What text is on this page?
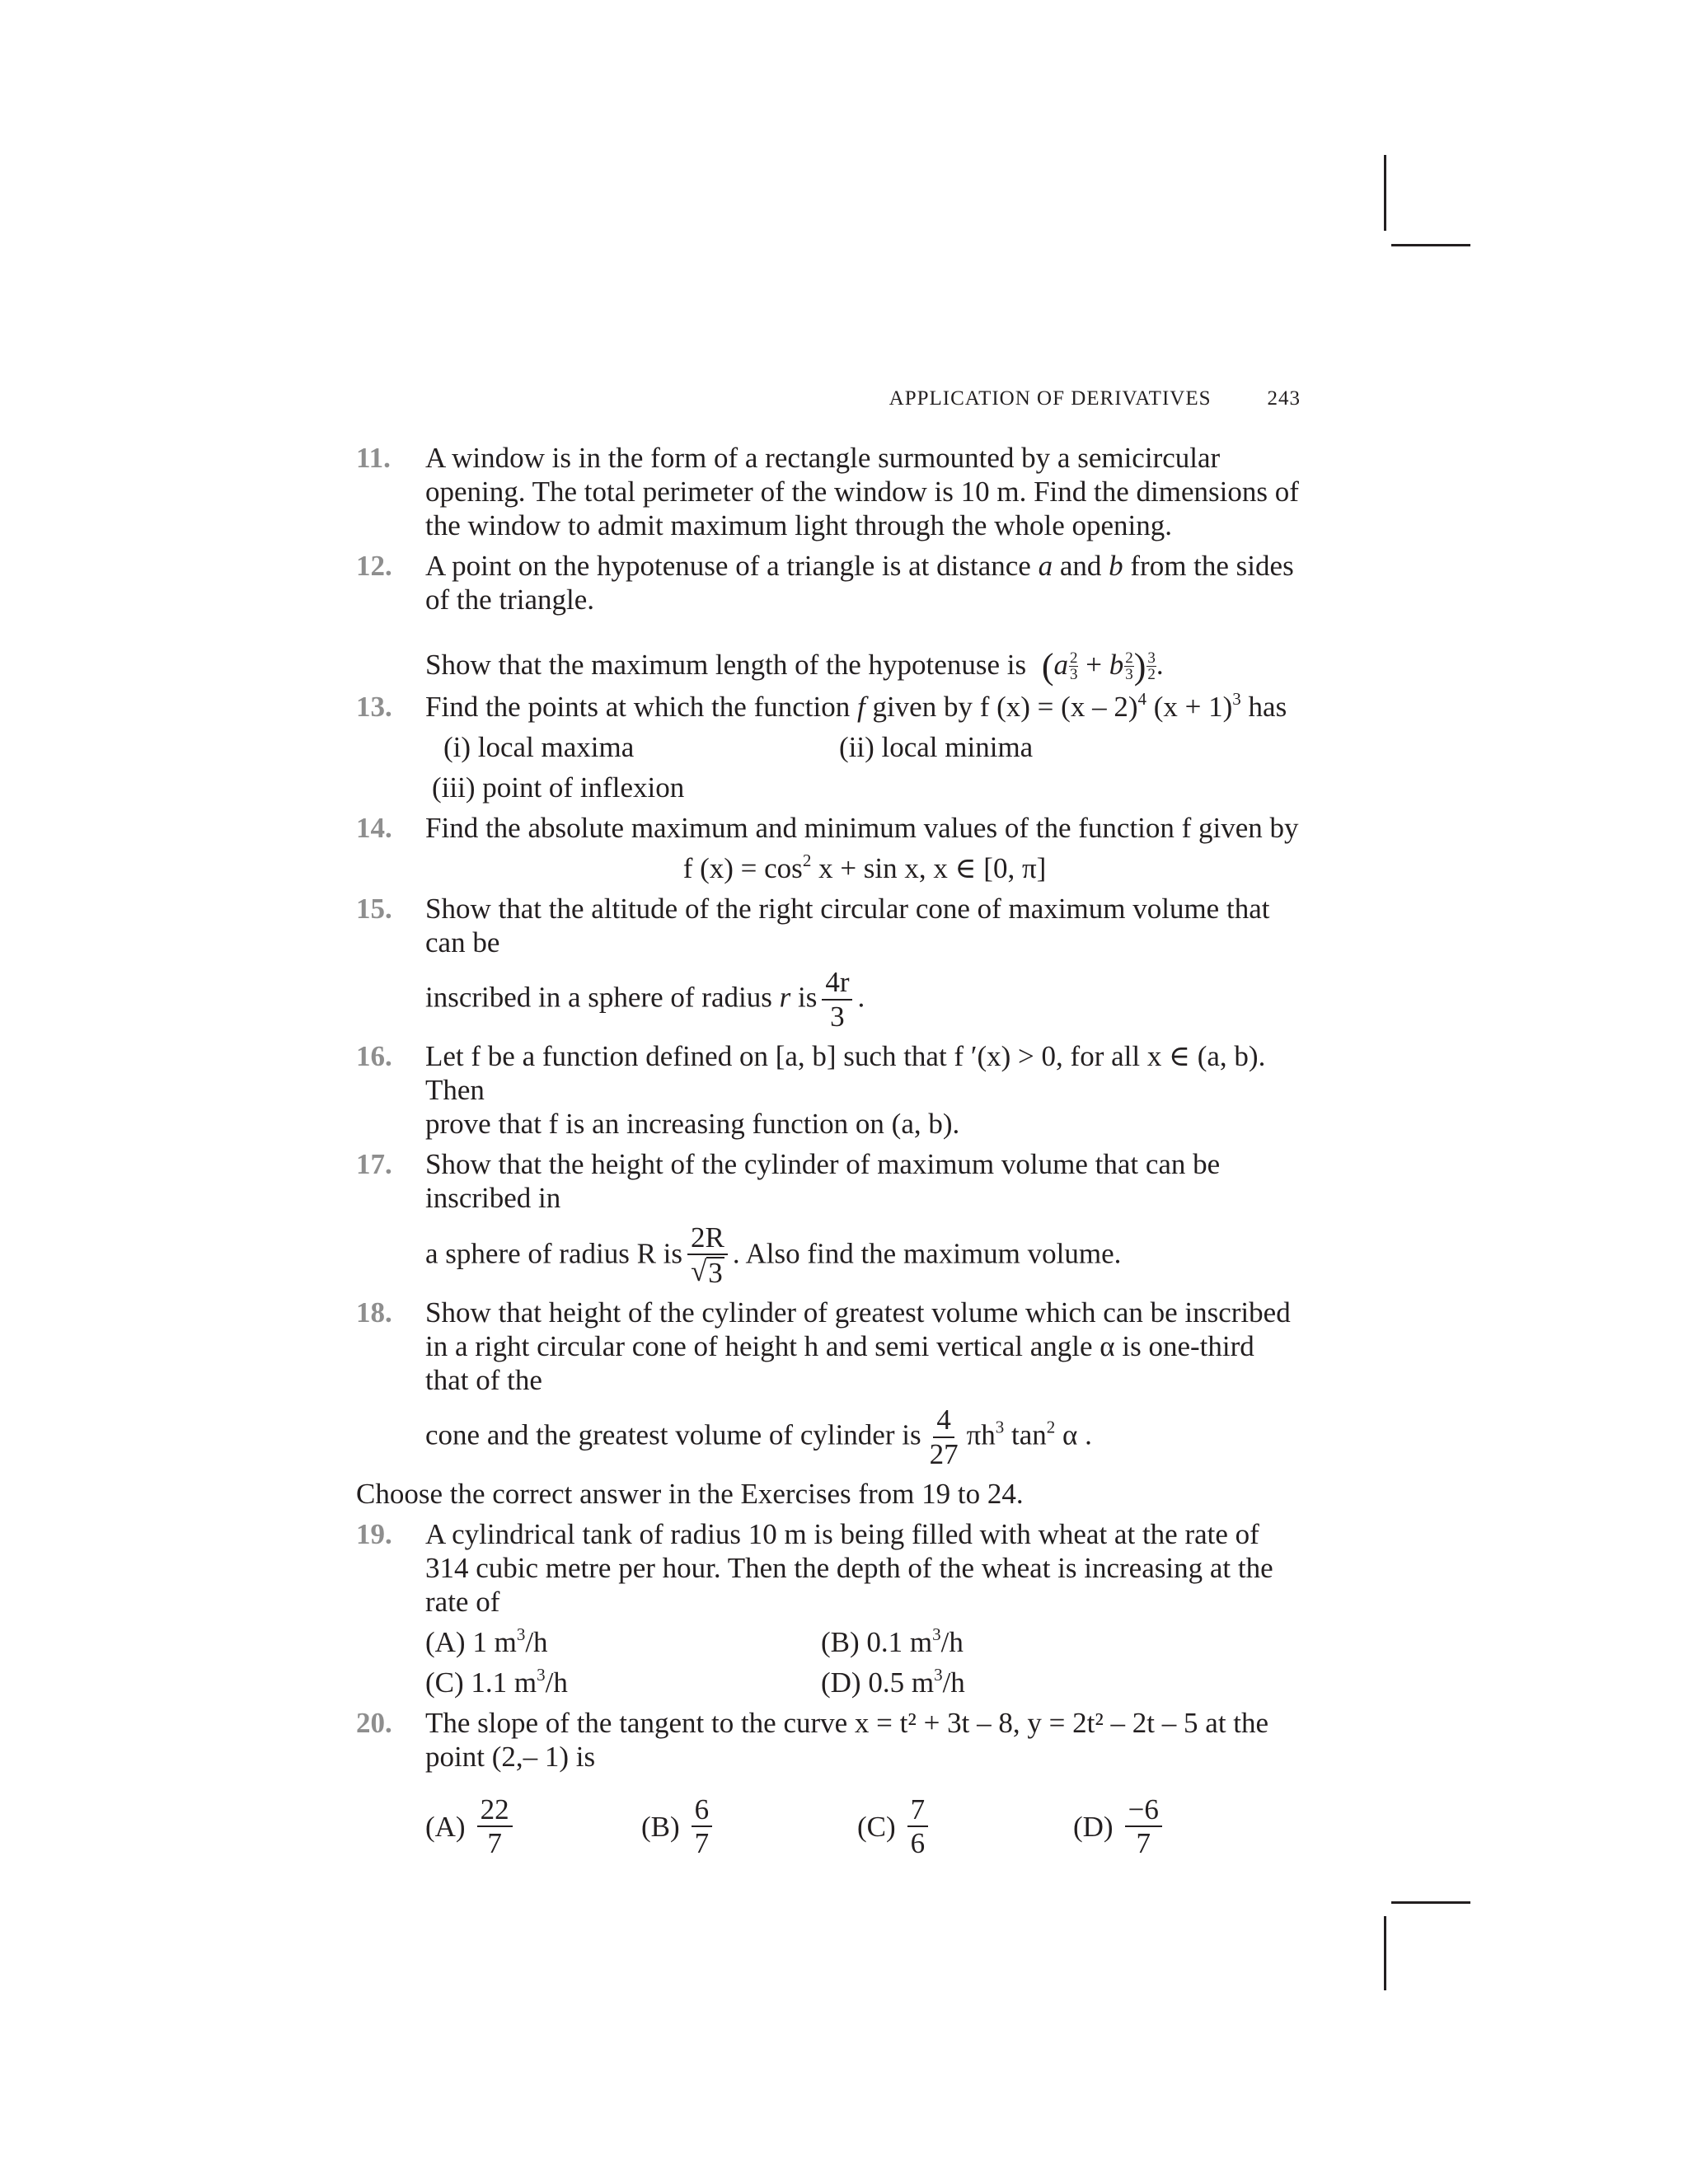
APPLICATION OF DERIVATIVES	243
11.	A window is in the form of a rectangle surmounted by a semicircular opening. The total perimeter of the window is 10 m. Find the dimensions of the window to admit maximum light through the whole opening.

12.	A point on the hypotenuse of a triangle is at distance a and b from the sides of the triangle.

Show that the maximum length of the hypotenuse is ($a \frac{2}{3} + b \frac{2}{3}$ ) $\frac{3}{2}$ .

13.	Find the points at which the function f given by f (x) = (x – 2)$^4$ $(x + 1)^3$ has

(i) local maxima	(ii) local minima
(iii) point of inflexion
14.	Find the absolute maximum and minimum values of the function f given by

f $(x) = \cos^2 x + \sin x$, x ∈ [0, π]

15.	Show that the altitude of the right circular cone of maximum volume that can be

inscribed in a sphere of radius r is $\frac{4r}{3}$ .

16.	Let f be a function defined on [a, b] such that f ′(x) > 0, for all x ∈ (a, b). Then

prove that f is an increasing function on (a, b).

17.	Show that the height of the cylinder of maximum volume that can be inscribed in

a sphere of radius R is $\frac{2R}{√ 3}$ . Also find the maximum volume.

18.	Show that height of the cylinder of greatest volume which can be inscribed in a right circular cone of height h and semi vertical angle α is one-third that of the

cone and the greatest volume of cylinder is $\frac{4}{27} \pi h^3$ $\tan^2 \alpha$ .

Choose the correct answer in the Exercises from 19 to 24.

19.	A cylindrical tank of radius 10 m is being filled with wheat at the rate of 314 cubic metre per hour. Then the depth of the wheat is increasing at the rate of

(A) 1 $m^3/h$	(B) 0.1 $m^3/h$
(C) 1.1 $m^3/h$	(D) 0.5 $m^3/h$
20.	The slope of the tangent to the curve x = t² + 3t – 8, y = 2t² – 2t – 5 at the point (2,– 1) is

$(A) \frac{22}{7}$	$(B) \frac{6}{7}$	$(C) \frac{7}{6}$	$(D) \frac{-6}{7}$
